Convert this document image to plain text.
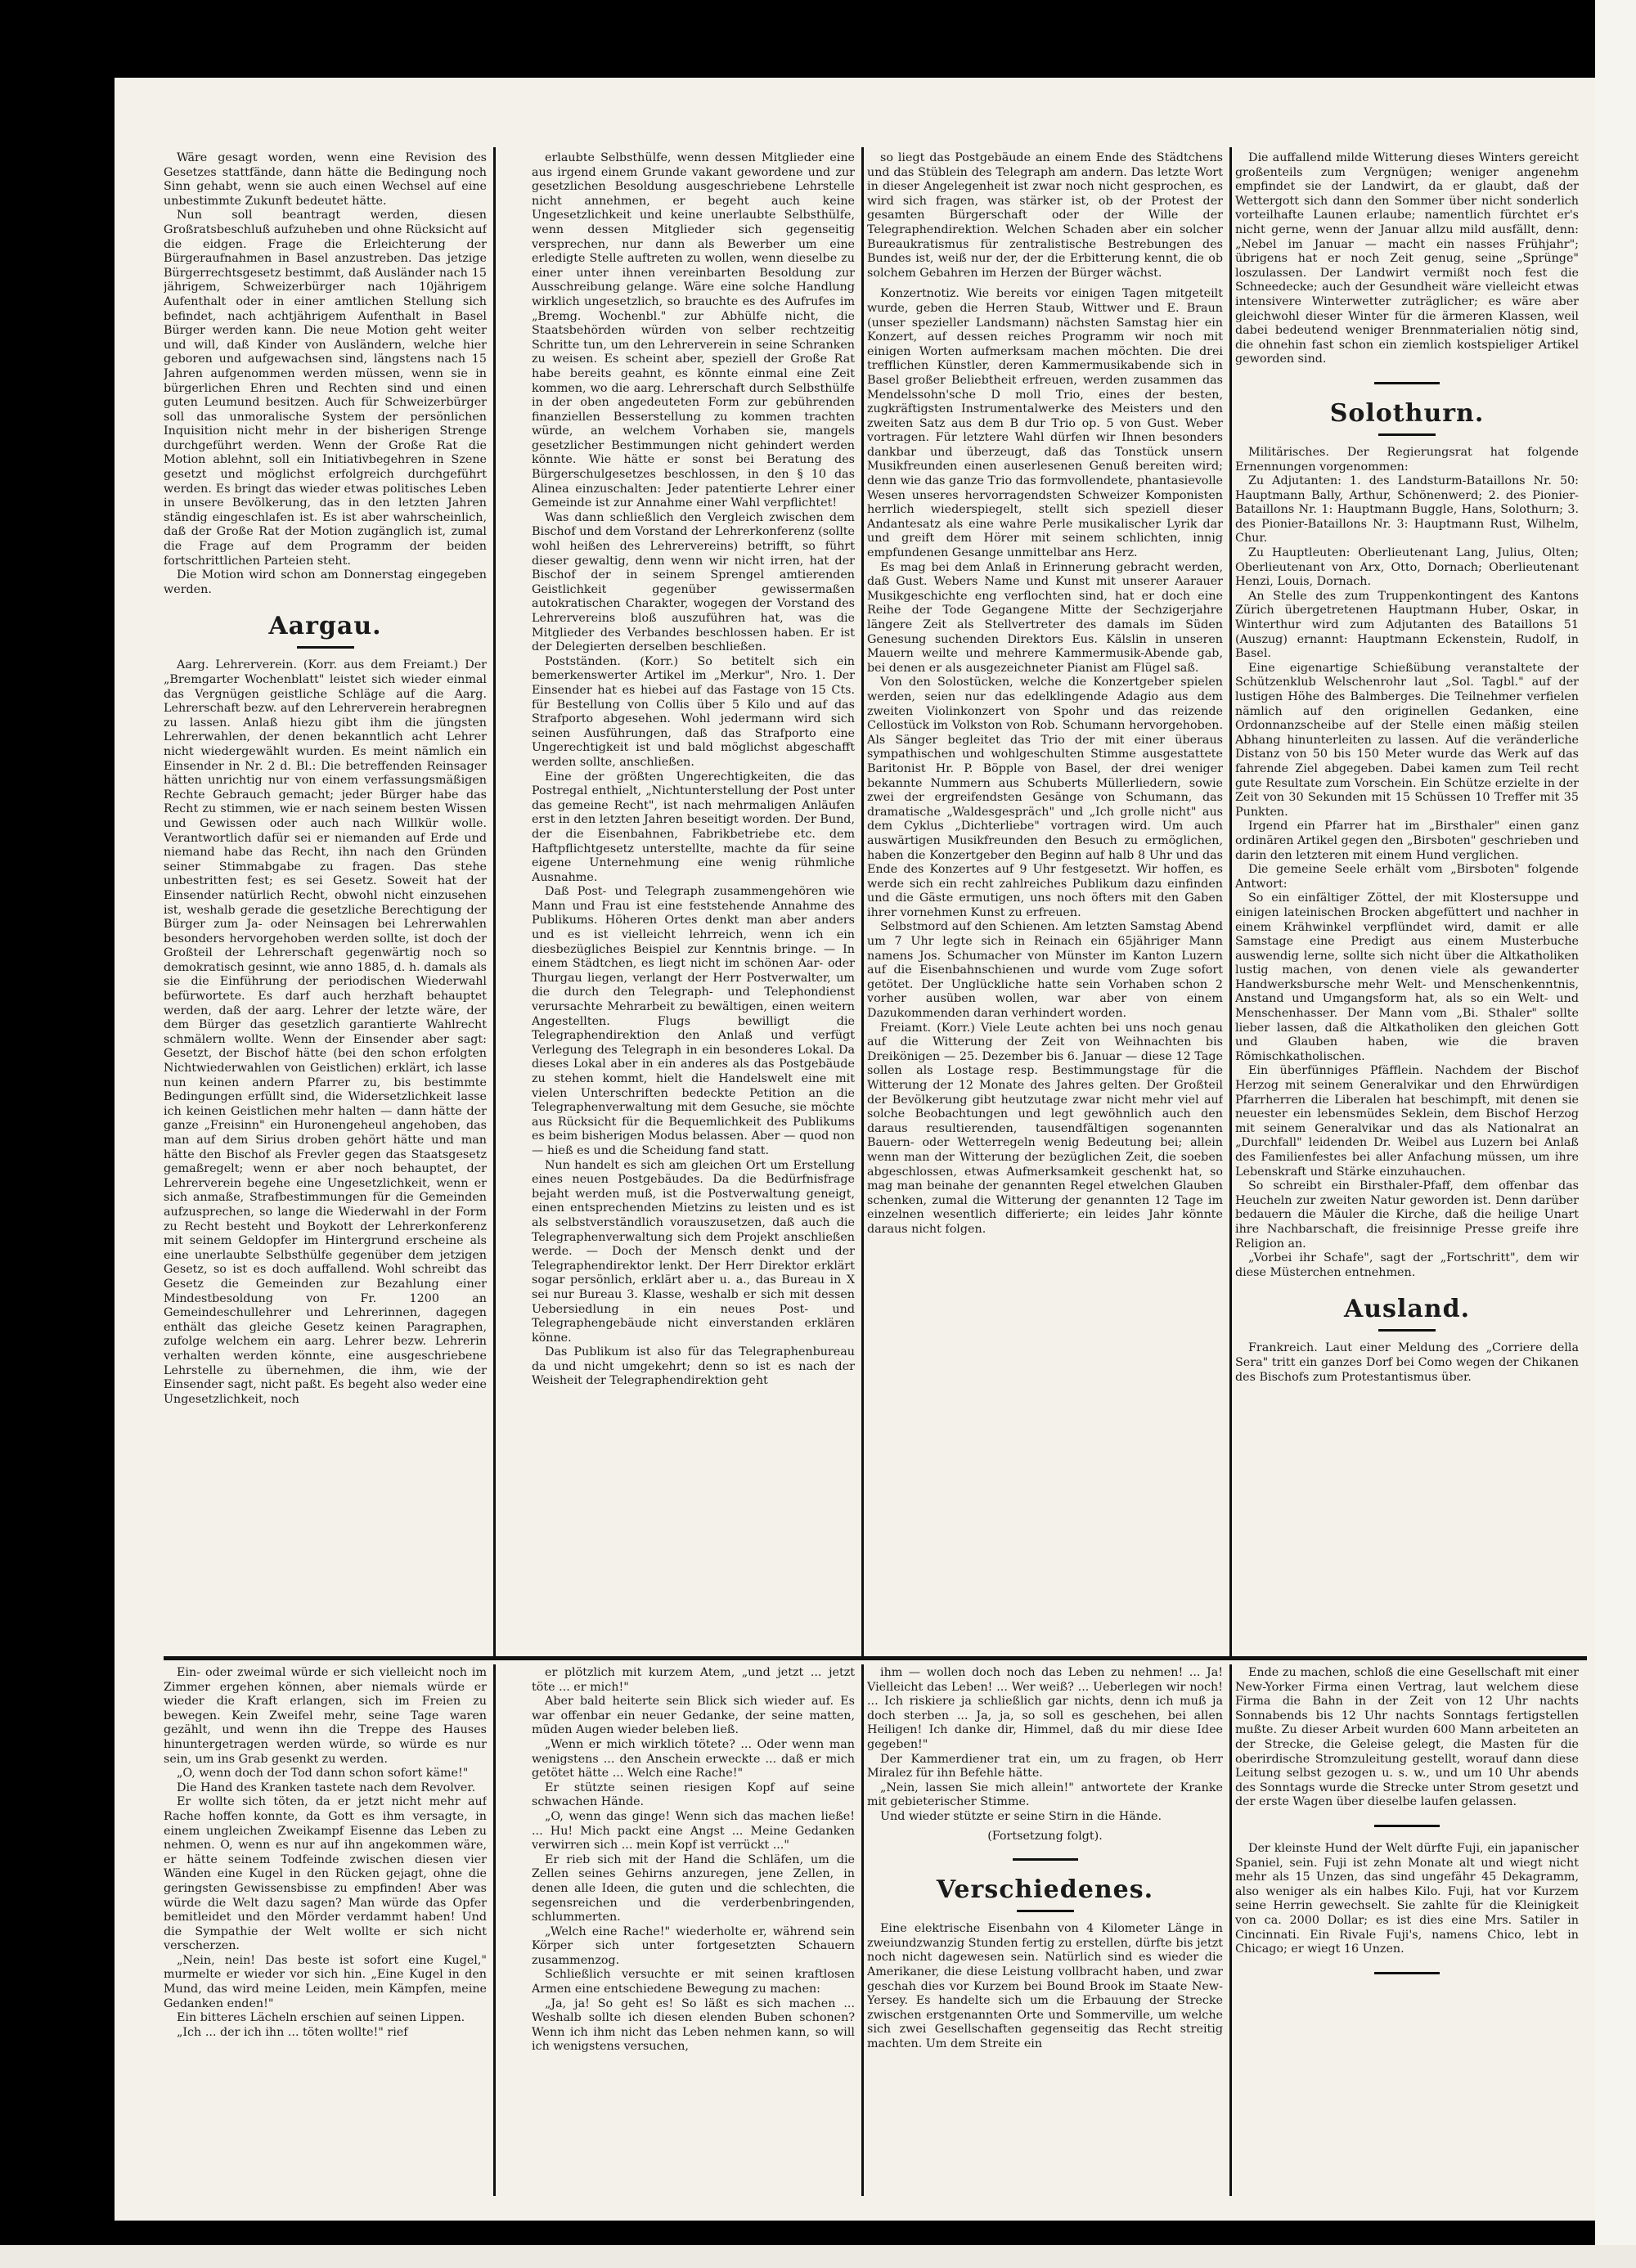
Wäre gesagt worden, wenn eine Revision des Gesetzes stattfände, dann hätte die Bedingung noch Sinn gehabt, wenn sie auch einen Wechsel auf eine unbestimmte Zukunft bedeutet hätte.

Nun soll beantragt werden, diesen Großratsbeschluß aufzuheben und ohne Rücksicht auf die eidgen. Frage die Erleichterung der Bürgeraufnahmen in Basel anzustreben. Das jetzige Bürgerrechtsgesetz bestimmt, daß Ausländer nach 15 jährigem, Schweizerbürger nach 10jährigem Aufenthalt oder in einer amtlichen Stellung sich befindet, nach achtjährigem Aufenthalt in Basel Bürger werden kann. Die neue Motion geht weiter und will, daß Kinder von Ausländern, welche hier geboren und aufgewachsen sind, längstens nach 15 Jahren aufgenommen werden müssen, wenn sie in bürgerlichen Ehren und Rechten sind und einen guten Leumund besitzen. Auch für Schweizerbürger soll das unmoralische System der persönlichen Inquisition nicht mehr in der bisherigen Strenge durchgeführt werden. Wenn der Große Rat die Motion ablehnt, soll ein Initiativbegehren in Szene gesetzt und möglichst erfolgreich durchgeführt werden. Es bringt das wieder etwas politisches Leben in unsere Bevölkerung, das in den letzten Jahren ständig eingeschlafen ist. Es ist aber wahrscheinlich, daß der Große Rat der Motion zugänglich ist, zumal die Frage auf dem Programm der beiden fortschrittlichen Parteien steht.

Die Motion wird schon am Donnerstag eingegeben werden.

Aargau.

Aarg. Lehrerverein. (Korr. aus dem Freiamt.) Der „Bremgarter Wochenblatt" leistet sich wieder einmal das Vergnügen geistliche Schläge auf die Aarg. Lehrerschaft bezw. auf den Lehrerverein herabregnen zu lassen. Anlaß hiezu gibt ihm die jüngsten Lehrerwahlen, der denen bekanntlich acht Lehrer nicht wiedergewählt wurden. Es meint nämlich ein Einsender in Nr. 2 d. Bl.: Die betreffenden Reinsager hätten unrichtig nur von einem verfassungsmäßigen Rechte Gebrauch gemacht; jeder Bürger habe das Recht zu stimmen, wie er nach seinem besten Wissen und Gewissen oder auch nach Willkür wolle. Verantwortlich dafür sei er niemanden auf Erde und niemand habe das Recht, ihn nach den Gründen seiner Stimmabgabe zu fragen. Das stehe unbestritten fest; es sei Gesetz. Soweit hat der Einsender natürlich Recht, obwohl nicht einzusehen ist, weshalb gerade die gesetzliche Berechtigung der Bürger zum Ja- oder Neinsagen bei Lehrerwahlen besonders hervorgehoben werden sollte, ist doch der Großteil der Lehrerschaft gegenwärtig noch so demokratisch gesinnt, wie anno 1885, d. h. damals als sie die Einführung der periodischen Wiederwahl befürwortete. Es darf auch herzhaft behauptet werden, daß der aarg. Lehrer der letzte wäre, der dem Bürger das gesetzlich garantierte Wahlrecht schmälern wollte. Wenn der Einsender aber sagt: Gesetzt, der Bischof hätte (bei den schon erfolgten Nichtwiederwahlen von Geistlichen) erklärt, ich lasse nun keinen andern Pfarrer zu, bis bestimmte Bedingungen erfüllt sind, die Widersetzlichkeit lasse ich keinen Geistlichen mehr halten — dann hätte der ganze „Freisinn" ein Huronengeheul angehoben, das man auf dem Sirius droben gehört hätte und man hätte den Bischof als Frevler gegen das Staatsgesetz gemaßregelt; wenn er aber noch behauptet, der Lehrerverein begehe eine Ungesetzlichkeit, wenn er sich anmaße, Strafbestimmungen für die Gemeinden aufzusprechen, so lange die Wiederwahl in der Form zu Recht besteht und Boykott der Lehrerkonferenz mit seinem Geldopfer im Hintergrund erscheine als eine unerlaubte Selbsthülfe gegenüber dem jetzigen Gesetz, so ist es doch auffallend. Wohl schreibt das Gesetz die Gemeinden zur Bezahlung einer Mindestbesoldung von Fr. 1200 an Gemeindeschullehrer und Lehrerinnen, dagegen enthält das gleiche Gesetz keinen Paragraphen, zufolge welchem ein aarg. Lehrer bezw. Lehrerin verhalten werden könnte, eine ausgeschriebene Lehrstelle zu übernehmen, die ihm, wie der Einsender sagt, nicht paßt. Es begeht also weder eine Ungesetzlichkeit, noch

erlaubte Selbsthülfe, wenn dessen Mitglieder eine aus irgend einem Grunde vakant gewordene und zur gesetzlichen Besoldung ausgeschriebene Lehrstelle nicht annehmen, er begeht auch keine Ungesetzlichkeit und keine unerlaubte Selbsthülfe, wenn dessen Mitglieder sich gegenseitig versprechen, nur dann als Bewerber um eine erledigte Stelle auftreten zu wollen, wenn dieselbe zu einer unter ihnen vereinbarten Besoldung zur Ausschreibung gelange. Wäre eine solche Handlung wirklich ungesetzlich, so brauchte es des Aufrufes im „Bremg. Wochenbl." zur Abhülfe nicht, die Staatsbehörden würden von selber rechtzeitig Schritte tun, um den Lehrerverein in seine Schranken zu weisen. Es scheint aber, speziell der Große Rat habe bereits geahnt, es könnte einmal eine Zeit kommen, wo die aarg. Lehrerschaft durch Selbsthülfe in der oben angedeuteten Form zur gebührenden finanziellen Besserstellung zu kommen trachten würde, an welchem Vorhaben sie, mangels gesetzlicher Bestimmungen nicht gehindert werden könnte. Wie hätte er sonst bei Beratung des Bürgerschulgesetzes beschlossen, in den § 10 das Alinea einzuschalten: Jeder patentierte Lehrer einer Gemeinde ist zur Annahme einer Wahl verpflichtet!

Was dann schließlich den Vergleich zwischen dem Bischof und dem Vorstand der Lehrerkonferenz (sollte wohl heißen des Lehrervereins) betrifft, so führt dieser gewaltig, denn wenn wir nicht irren, hat der Bischof der in seinem Sprengel amtierenden Geistlichkeit gegenüber gewissermaßen autokratischen Charakter, wogegen der Vorstand des Lehrervereins bloß auszuführen hat, was die Mitglieder des Verbandes beschlossen haben. Er ist der Delegierten derselben beschließen.

Postständen. (Korr.) So betitelt sich ein bemerkenswerter Artikel im „Merkur", Nro. 1. Der Einsender hat es hiebei auf das Fastage von 15 Cts. für Bestellung von Collis über 5 Kilo und auf das Strafporto abgesehen. Wohl jedermann wird sich seinen Ausführungen, daß das Strafporto eine Ungerechtigkeit ist und bald möglichst abgeschafft werden sollte, anschließen.

Eine der größten Ungerechtigkeiten, die das Postregal enthielt, „Nichtunterstellung der Post unter das gemeine Recht", ist nach mehrmaligen Anläufen erst in den letzten Jahren beseitigt worden. Der Bund, der die Eisenbahnen, Fabrikbetriebe etc. dem Haftpflichtgesetz unterstellte, machte da für seine eigene Unternehmung eine wenig rühmliche Ausnahme.

Daß Post- und Telegraph zusammengehören wie Mann und Frau ist eine feststehende Annahme des Publikums. Höheren Ortes denkt man aber anders und es ist vielleicht lehrreich, wenn ich ein diesbezügliches Beispiel zur Kenntnis bringe. — In einem Städtchen, es liegt nicht im schönen Aar- oder Thurgau liegen, verlangt der Herr Postverwalter, um die durch den Telegraph- und Telephondienst verursachte Mehrarbeit zu bewältigen, einen weitern Angestellten. Flugs bewilligt die Telegraphendirektion den Anlaß und verfügt Verlegung des Telegraph in ein besonderes Lokal. Da dieses Lokal aber in ein anderes als das Postgebäude zu stehen kommt, hielt die Handelswelt eine mit vielen Unterschriften bedeckte Petition an die Telegraphenverwaltung mit dem Gesuche, sie möchte aus Rücksicht für die Bequemlichkeit des Publikums es beim bisherigen Modus belassen. Aber — quod non — hieß es und die Scheidung fand statt.

Nun handelt es sich am gleichen Ort um Erstellung eines neuen Postgebäudes. Da die Bedürfnisfrage bejaht werden muß, ist die Postverwaltung geneigt, einen entsprechenden Mietzins zu leisten und es ist als selbstverständlich vorauszusetzen, daß auch die Telegraphenverwaltung sich dem Projekt anschließen werde. — Doch der Mensch denkt und der Telegraphendirektor lenkt. Der Herr Direktor erklärt sogar persönlich, erklärt aber u. a., das Bureau in X sei nur Bureau 3. Klasse, weshalb er sich mit dessen Uebersiedlung in ein neues Post- und Telegraphengebäude nicht einverstanden erklären könne.

Das Publikum ist also für das Telegraphenbureau da und nicht umgekehrt; denn so ist es nach der Weisheit der Telegraphendirektion geht

so liegt das Postgebäude an einem Ende des Städtchens und das Stüblein des Telegraph am andern. Das letzte Wort in dieser Angelegenheit ist zwar noch nicht gesprochen, es wird sich fragen, was stärker ist, ob der Protest der gesamten Bürgerschaft oder der Wille der Telegraphendirektion. Welchen Schaden aber ein solcher Bureaukratismus für zentralistische Bestrebungen des Bundes ist, weiß nur der, der die Erbitterung kennt, die ob solchem Gebahren im Herzen der Bürger wächst.

Konzertnotiz. Wie bereits vor einigen Tagen mitgeteilt wurde, geben die Herren Staub, Wittwer und E. Braun (unser spezieller Landsmann) nächsten Samstag hier ein Konzert, auf dessen reiches Programm wir noch mit einigen Worten aufmerksam machen möchten. Die drei trefflichen Künstler, deren Kammermusikabende sich in Basel großer Beliebtheit erfreuen, werden zusammen das Mendelssohn'sche D moll Trio, eines der besten, zugkräftigsten Instrumentalwerke des Meisters und den zweiten Satz aus dem B dur Trio op. 5 von Gust. Weber vortragen. Für letztere Wahl dürfen wir Ihnen besonders dankbar und überzeugt, daß das Tonstück unsern Musikfreunden einen auserlesenen Genuß bereiten wird; denn wie das ganze Trio das formvollendete, phantasievolle Wesen unseres hervorragendsten Schweizer Komponisten herrlich wiederspiegelt, stellt sich speziell dieser Andantesatz als eine wahre Perle musikalischer Lyrik dar und greift dem Hörer mit seinem schlichten, innig empfundenen Gesange unmittelbar ans Herz.

Es mag bei dem Anlaß in Erinnerung gebracht werden, daß Gust. Webers Name und Kunst mit unserer Aarauer Musikgeschichte eng verflochten sind, hat er doch eine Reihe der Tode Gegangene Mitte der Sechzigerjahre längere Zeit als Stellvertreter des damals im Süden Genesung suchenden Direktors Eus. Kälslin in unseren Mauern weilte und mehrere Kammermusik-Abende gab, bei denen er als ausgezeichneter Pianist am Flügel saß.

Von den Solostücken, welche die Konzertgeber spielen werden, seien nur das edelklingende Adagio aus dem zweiten Violinkonzert von Spohr und das reizende Cellostück im Volkston von Rob. Schumann hervorgehoben. Als Sänger begleitet das Trio der mit einer überaus sympathischen und wohlgeschulten Stimme ausgestattete Baritonist Hr. P. Böpple von Basel, der drei weniger bekannte Nummern aus Schuberts Müllerliedern, sowie zwei der ergreifendsten Gesänge von Schumann, das dramatische „Waldesgespräch" und „Ich grolle nicht" aus dem Cyklus „Dichterliebe" vortragen wird. Um auch auswärtigen Musikfreunden den Besuch zu ermöglichen, haben die Konzertgeber den Beginn auf halb 8 Uhr und das Ende des Konzertes auf 9 Uhr festgesetzt. Wir hoffen, es werde sich ein recht zahlreiches Publikum dazu einfinden und die Gäste ermutigen, uns noch öfters mit den Gaben ihrer vornehmen Kunst zu erfreuen.

Selbstmord auf den Schienen. Am letzten Samstag Abend um 7 Uhr legte sich in Reinach ein 65jähriger Mann namens Jos. Schumacher von Münster im Kanton Luzern auf die Eisenbahnschienen und wurde vom Zuge sofort getötet. Der Unglückliche hatte sein Vorhaben schon 2 vorher ausüben wollen, war aber von einem Dazukommenden daran verhindert worden.

Freiamt. (Korr.) Viele Leute achten bei uns noch genau auf die Witterung der Zeit von Weihnachten bis Dreikönigen — 25. Dezember bis 6. Januar — diese 12 Tage sollen als Lostage resp. Bestimmungstage für die Witterung der 12 Monate des Jahres gelten. Der Großteil der Bevölkerung gibt heutzutage zwar nicht mehr viel auf solche Beobachtungen und legt gewöhnlich auch den daraus resultierenden, tausendfältigen sogenannten Bauern- oder Wetterregeln wenig Bedeutung bei; allein wenn man der Witterung der bezüglichen Zeit, die soeben abgeschlossen, etwas Aufmerksamkeit geschenkt hat, so mag man beinahe der genannten Regel etwelchen Glauben schenken, zumal die Witterung der genannten 12 Tage im einzelnen wesentlich differierte; ein leides Jahr könnte daraus nicht folgen.

Die auffallend milde Witterung dieses Winters gereicht großenteils zum Vergnügen; weniger angenehm empfindet sie der Landwirt, da er glaubt, daß der Wettergott sich dann den Sommer über nicht sonderlich vorteilhafte Launen erlaube; namentlich fürchtet er's nicht gerne, wenn der Januar allzu mild ausfällt, denn: „Nebel im Januar — macht ein nasses Frühjahr"; übrigens hat er noch Zeit genug, seine „Sprünge" loszulassen. Der Landwirt vermißt noch fest die Schneedecke; auch der Gesundheit wäre vielleicht etwas intensivere Winterwetter zuträglicher; es wäre aber gleichwohl dieser Winter für die ärmeren Klassen, weil dabei bedeutend weniger Brennmaterialien nötig sind, die ohnehin fast schon ein ziemlich kostspieliger Artikel geworden sind.

Solothurn.

Militärisches. Der Regierungsrat hat folgende Ernennungen vorgenommen:

Zu Adjutanten: 1. des Landsturm-Bataillons Nr. 50: Hauptmann Bally, Arthur, Schönenwerd; 2. des Pionier-Bataillons Nr. 1: Hauptmann Buggle, Hans, Solothurn; 3. des Pionier-Bataillons Nr. 3: Hauptmann Rust, Wilhelm, Chur.

Zu Hauptleuten: Oberlieutenant Lang, Julius, Olten; Oberlieutenant von Arx, Otto, Dornach; Oberlieutenant Henzi, Louis, Dornach.

An Stelle des zum Truppenkontingent des Kantons Zürich übergetretenen Hauptmann Huber, Oskar, in Winterthur wird zum Adjutanten des Bataillons 51 (Auszug) ernannt: Hauptmann Eckenstein, Rudolf, in Basel.

Eine eigenartige Schießübung veranstaltete der Schützenklub Welschenrohr laut „Sol. Tagbl." auf der lustigen Höhe des Balmberges. Die Teilnehmer verfielen nämlich auf den originellen Gedanken, eine Ordonnanzscheibe auf der Stelle einen mäßig steilen Abhang hinunterleiten zu lassen. Auf die veränderliche Distanz von 50 bis 150 Meter wurde das Werk auf das fahrende Ziel abgegeben. Dabei kamen zum Teil recht gute Resultate zum Vorschein. Ein Schütze erzielte in der Zeit von 30 Sekunden mit 15 Schüssen 10 Treffer mit 35 Punkten.

Irgend ein Pfarrer hat im „Birsthaler" einen ganz ordinären Artikel gegen den „Birsboten" geschrieben und darin den letzteren mit einem Hund verglichen.

Die gemeine Seele erhält vom „Birsboten" folgende Antwort:

So ein einfältiger Zöttel, der mit Klostersuppe und einigen lateinischen Brocken abgefüttert und nachher in einem Krähwinkel verpflündet wird, damit er alle Samstage eine Predigt aus einem Musterbuche auswendig lerne, sollte sich nicht über die Altkatholiken lustig machen, von denen viele als gewanderter Handwerksbursche mehr Welt- und Menschenkenntnis, Anstand und Umgangsform hat, als so ein Welt- und Menschenhasser. Der Mann vom „Bi. Sthaler" sollte lieber lassen, daß die Altkatholiken den gleichen Gott und Glauben haben, wie die braven Römischkatholischen.

Ein überfünniges Pfäfflein. Nachdem der Bischof Herzog mit seinem Generalvikar und den Ehrwürdigen Pfarrherren die Liberalen hat beschimpft, mit denen sie neuester ein lebensmüdes Seklein, dem Bischof Herzog mit seinem Generalvikar und das als Nationalrat an „Durchfall" leidenden Dr. Weibel aus Luzern bei Anlaß des Familienfestes bei aller Anfachung müssen, um ihre Lebenskraft und Stärke einzuhauchen.

So schreibt ein Birsthaler-Pfaff, dem offenbar das Heucheln zur zweiten Natur geworden ist. Denn darüber bedauern die Mäuler die Kirche, daß die heilige Unart ihre Nachbarschaft, die freisinnige Presse greife ihre Religion an.

„Vorbei ihr Schafe", sagt der „Fortschritt", dem wir diese Müsterchen entnehmen.

Ausland.

Frankreich. Laut einer Meldung des „Corriere della Sera" tritt ein ganzes Dorf bei Como wegen der Chikanen des Bischofs zum Protestantismus über.

Ein- oder zweimal würde er sich vielleicht noch im Zimmer ergehen können, aber niemals würde er wieder die Kraft erlangen, sich im Freien zu bewegen. Kein Zweifel mehr, seine Tage waren gezählt, und wenn ihn die Treppe des Hauses hinuntergetragen werden würde, so würde es nur sein, um ins Grab gesenkt zu werden.

„O, wenn doch der Tod dann schon sofort käme!"

Die Hand des Kranken tastete nach dem Revolver.

Er wollte sich töten, da er jetzt nicht mehr auf Rache hoffen konnte, da Gott es ihm versagte, in einem ungleichen Zweikampf Eisenne das Leben zu nehmen. O, wenn es nur auf ihn angekommen wäre, er hätte seinem Todfeinde zwischen diesen vier Wänden eine Kugel in den Rücken gejagt, ohne die geringsten Gewissensbisse zu empfinden! Aber was würde die Welt dazu sagen? Man würde das Opfer bemitleidet und den Mörder verdammt haben! Und die Sympathie der Welt wollte er sich nicht verscherzen.

„Nein, nein! Das beste ist sofort eine Kugel," murmelte er wieder vor sich hin. „Eine Kugel in den Mund, das wird meine Leiden, mein Kämpfen, meine Gedanken enden!"

Ein bitteres Lächeln erschien auf seinen Lippen.

„Ich ... der ich ihn ... töten wollte!" rief

er plötzlich mit kurzem Atem, „und jetzt ... jetzt töte ... er mich!"

Aber bald heiterte sein Blick sich wieder auf. Es war offenbar ein neuer Gedanke, der seine matten, müden Augen wieder beleben ließ.

„Wenn er mich wirklich tötete? ... Oder wenn man wenigstens ... den Anschein erweckte ... daß er mich getötet hätte ... Welch eine Rache!"

Er stützte seinen riesigen Kopf auf seine schwachen Hände.

„O, wenn das ginge! Wenn sich das machen ließe! ... Hu! Mich packt eine Angst ... Meine Gedanken verwirren sich ... mein Kopf ist verrückt ..."

Er rieb sich mit der Hand die Schläfen, um die Zellen seines Gehirns anzuregen, jene Zellen, in denen alle Ideen, die guten und die schlechten, die segensreichen und die verderbenbringenden, schlummerten.

„Welch eine Rache!" wiederholte er, während sein Körper sich unter fortgesetzten Schauern zusammenzog.

Schließlich versuchte er mit seinen kraftlosen Armen eine entschiedene Bewegung zu machen:

„Ja, ja! So geht es! So läßt es sich machen ... Weshalb sollte ich diesen elenden Buben schonen? Wenn ich ihm nicht das Leben nehmen kann, so will ich wenigstens versuchen,

ihm — wollen doch noch das Leben zu nehmen! ... Ja! Vielleicht das Leben! ... Wer weiß? ... Ueberlegen wir noch! ... Ich riskiere ja schließlich gar nichts, denn ich muß ja doch sterben ... Ja, ja, so soll es geschehen, bei allen Heiligen! Ich danke dir, Himmel, daß du mir diese Idee gegeben!"

Der Kammerdiener trat ein, um zu fragen, ob Herr Miralez für ihn Befehle hätte.

„Nein, lassen Sie mich allein!" antwortete der Kranke mit gebieterischer Stimme.

Und wieder stützte er seine Stirn in die Hände.

(Fortsetzung folgt).

Verschiedenes.

Eine elektrische Eisenbahn von 4 Kilometer Länge in zweiundzwanzig Stunden fertig zu erstellen, dürfte bis jetzt noch nicht dagewesen sein. Natürlich sind es wieder die Amerikaner, die diese Leistung vollbracht haben, und zwar geschah dies vor Kurzem bei Bound Brook im Staate New-Yersey. Es handelte sich um die Erbauung der Strecke zwischen erstgenannten Orte und Sommerville, um welche sich zwei Gesellschaften gegenseitig das Recht streitig machten. Um dem Streite ein

Ende zu machen, schloß die eine Gesellschaft mit einer New-Yorker Firma einen Vertrag, laut welchem diese Firma die Bahn in der Zeit von 12 Uhr nachts Sonnabends bis 12 Uhr nachts Sonntags fertigstellen mußte. Zu dieser Arbeit wurden 600 Mann arbeiteten an der Strecke, die Geleise gelegt, die Masten für die oberirdische Stromzuleitung gestellt, worauf dann diese Leitung selbst gezogen u. s. w., und um 10 Uhr abends des Sonntags wurde die Strecke unter Strom gesetzt und der erste Wagen über dieselbe laufen gelassen.

Der kleinste Hund der Welt dürfte Fuji, ein japanischer Spaniel, sein. Fuji ist zehn Monate alt und wiegt nicht mehr als 15 Unzen, das sind ungefähr 45 Dekagramm, also weniger als ein halbes Kilo. Fuji, hat vor Kurzem seine Herrin gewechselt. Sie zahlte für die Kleinigkeit von ca. 2000 Dollar; es ist dies eine Mrs. Satiler in Cincinnati. Ein Rivale Fuji's, namens Chico, lebt in Chicago; er wiegt 16 Unzen.
